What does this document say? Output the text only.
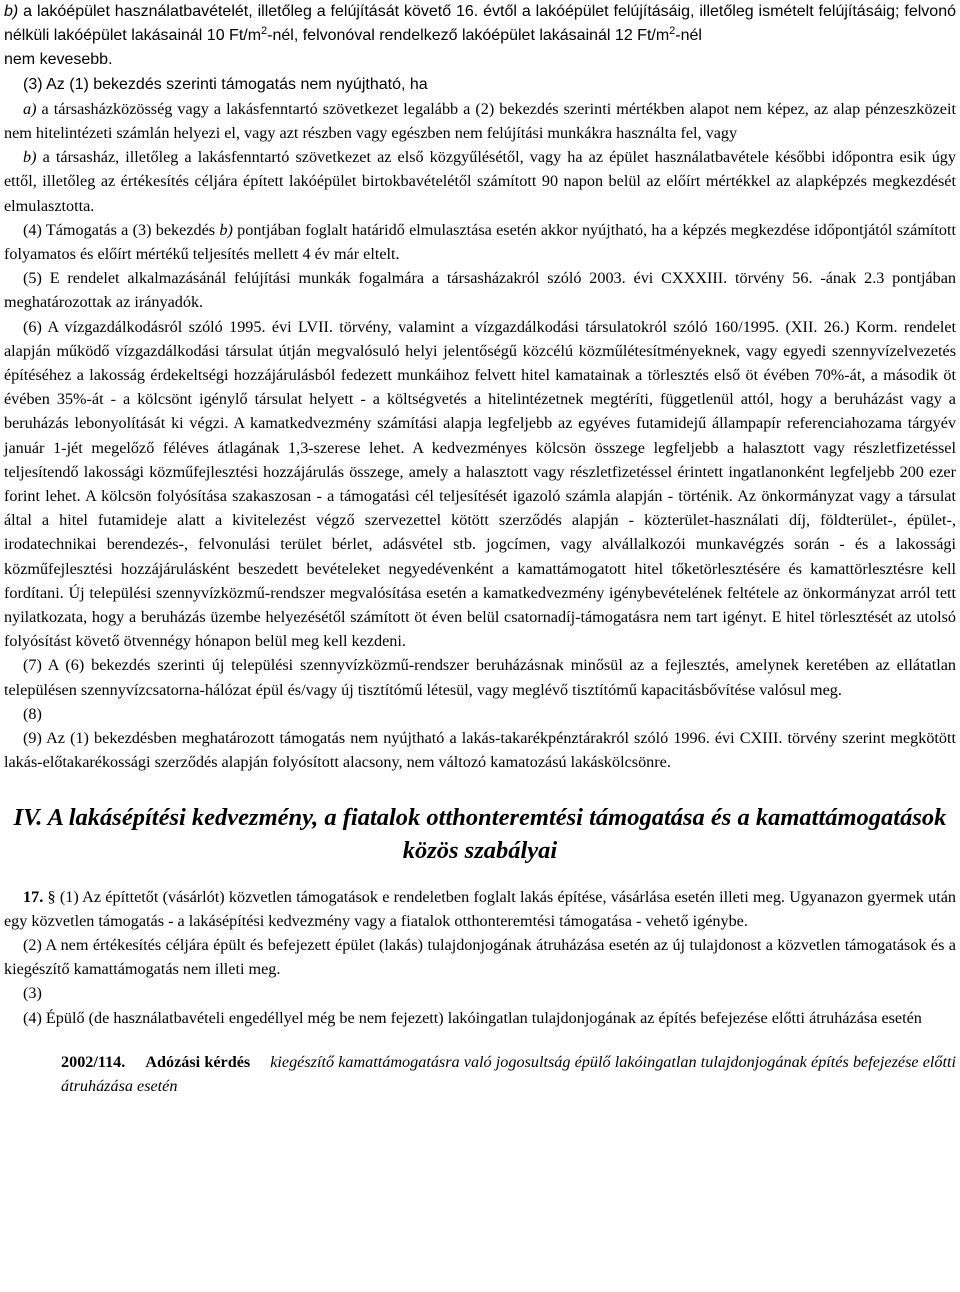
b) a lakóépület használatbavételét, illetőleg a felújítását követő 16. évtől a lakóépület felújításáig, illetőleg ismételt felújításáig; felvonó nélküli lakóépület lakásainál 10 $Ft/m^2$-nél, felvonóval rendelkező lakóépület lakásainál 12 $Ft/m^2$-nél

nem kevesebb.

(3) Az (1) bekezdés szerinti támogatás nem nyújtható, ha

a) a társasházközösség vagy a lakásfenntartó szövetkezet legalább a (2) bekezdés szerinti mértékben alapot nem képez, az alap pénzeszközeit nem hitelintézeti számlán helyezi el, vagy azt részben vagy egészben nem felújítási munkákra használta fel, vagy

b) a társasház, illetőleg a lakásfenntartó szövetkezet az első közgyűlésétől, vagy ha az épület használatbavétele későbbi időpontra esik úgy ettől, illetőleg az értékesítés céljára épített lakóépület birtokbavételétől számított 90 napon belül az előírt mértékkel az alapképzés megkezdését elmulasztotta.

(4) Támogatás a (3) bekezdés b) pontjában foglalt határidő elmulasztása esetén akkor nyújtható, ha a képzés megkezdése időpontjától számított folyamatos és előírt mértékű teljesítés mellett 4 év már eltelt.

(5) E rendelet alkalmazásánál felújítási munkák fogalmára a társasházakról szóló 2003. évi CXXXIII. törvény 56. -ának 2.3 pontjában meghatározottak az irányadók.

(6) A vízgazdálkodásról szóló 1995. évi LVII. törvény, valamint a vízgazdálkodási társulatokról szóló 160/1995. (XII. 26.) Korm. rendelet alapján működő vízgazdálkodási társulat útján megvalósuló helyi jelentőségű közcélú közműlétesítményeknek, vagy egyedi szennyvízelvezetés építéséhez a lakosság érdekeltségi hozzájárulásból fedezett munkáihoz felvett hitel kamatainak a törlesztés első öt évében 70%-át, a második öt évében 35%-át - a kölcsönt igénylő társulat helyett - a költségvetés a hitelintézetnek megtéríti, függetlenül attól, hogy a beruházást vagy a beruházás lebonyolítását ki végzi. A kamatkedvezmény számítási alapja legfeljebb az egyéves futamidejű állampapír referenciahozama tárgyév január 1-jét megelőző féléves átlagának 1,3-szerese lehet. A kedvezményes kölcsön összege legfeljebb a halasztott vagy részletfizetéssel teljesítendő lakossági közműfejlesztési hozzájárulás összege, amely a halasztott vagy részletfizetéssel érintett ingatlanonként legfeljebb 200 ezer forint lehet. A kölcsön folyósítása szakaszosan - a támogatási cél teljesítését igazoló számla alapján - történik. Az önkormányzat vagy a társulat által a hitel futamideje alatt a kivitelezést végző szervezettel kötött szerződés alapján - közterület-használati díj, földterület-, épület-, irodatechnikai berendezés-, felvonulási terület bérlet, adásvétel stb. jogcímen, vagy alvállalkozói munkavégzés során - és a lakossági közműfejlesztési hozzájárulásként beszedett bevételeket negyedévenként a kamattámogatott hitel tőketörlesztésére és kamattörlesztésre kell fordítani. Új települési szennyvízközmű-rendszer megvalósítása esetén a kamatkedvezmény igénybevételének feltétele az önkormányzat arról tett nyilatkozata, hogy a beruházás üzembe helyezésétől számított öt éven belül csatornadíj-támogatásra nem tart igényt. E hitel törlesztését az utolsó folyósítást követő ötvennégy hónapon belül meg kell kezdeni.

(7) A (6) bekezdés szerinti új települési szennyvízközmű-rendszer beruházásnak minősül az a fejlesztés, amelynek keretében az ellátatlan településen szennyvízcsatorna-hálózat épül és/vagy új tisztítómű létesül, vagy meglévő tisztítómű kapacitásbővítése valósul meg.

(8)

(9) Az (1) bekezdésben meghatározott támogatás nem nyújtható a lakás-takarékpénztárakról szóló 1996. évi CXIII. törvény szerint megkötött lakás-előtakarékossági szerződés alapján folyósított alacsony, nem változó kamatozású lakáskölcsönre.

IV. A lakásépítési kedvezmény, a fiatalok otthonteremtési támogatása és a kamattámogatások közös szabályai

17. § (1) Az építtetőt (vásárlót) közvetlen támogatások e rendeletben foglalt lakás építése, vásárlása esetén illeti meg. Ugyanazon gyermek után egy közvetlen támogatás - a lakásépítési kedvezmény vagy a fiatalok otthonteremtési támogatása - vehető igénybe.

(2) A nem értékesítés céljára épült és befejezett épület (lakás) tulajdonjogának átruházása esetén az új tulajdonost a közvetlen támogatások és a kiegészítő kamattámogatás nem illeti meg.

(3)

(4) Épülő (de használatbavételi engedéllyel még be nem fejezett) lakóingatlan tulajdonjogának az építés befejezése előtti átruházása esetén

2002/114. Adózási kérdés kiegészítő kamattámogatásra való jogosultság épülő lakóingatlan tulajdonjogának építés befejezése előtti átruházása esetén
